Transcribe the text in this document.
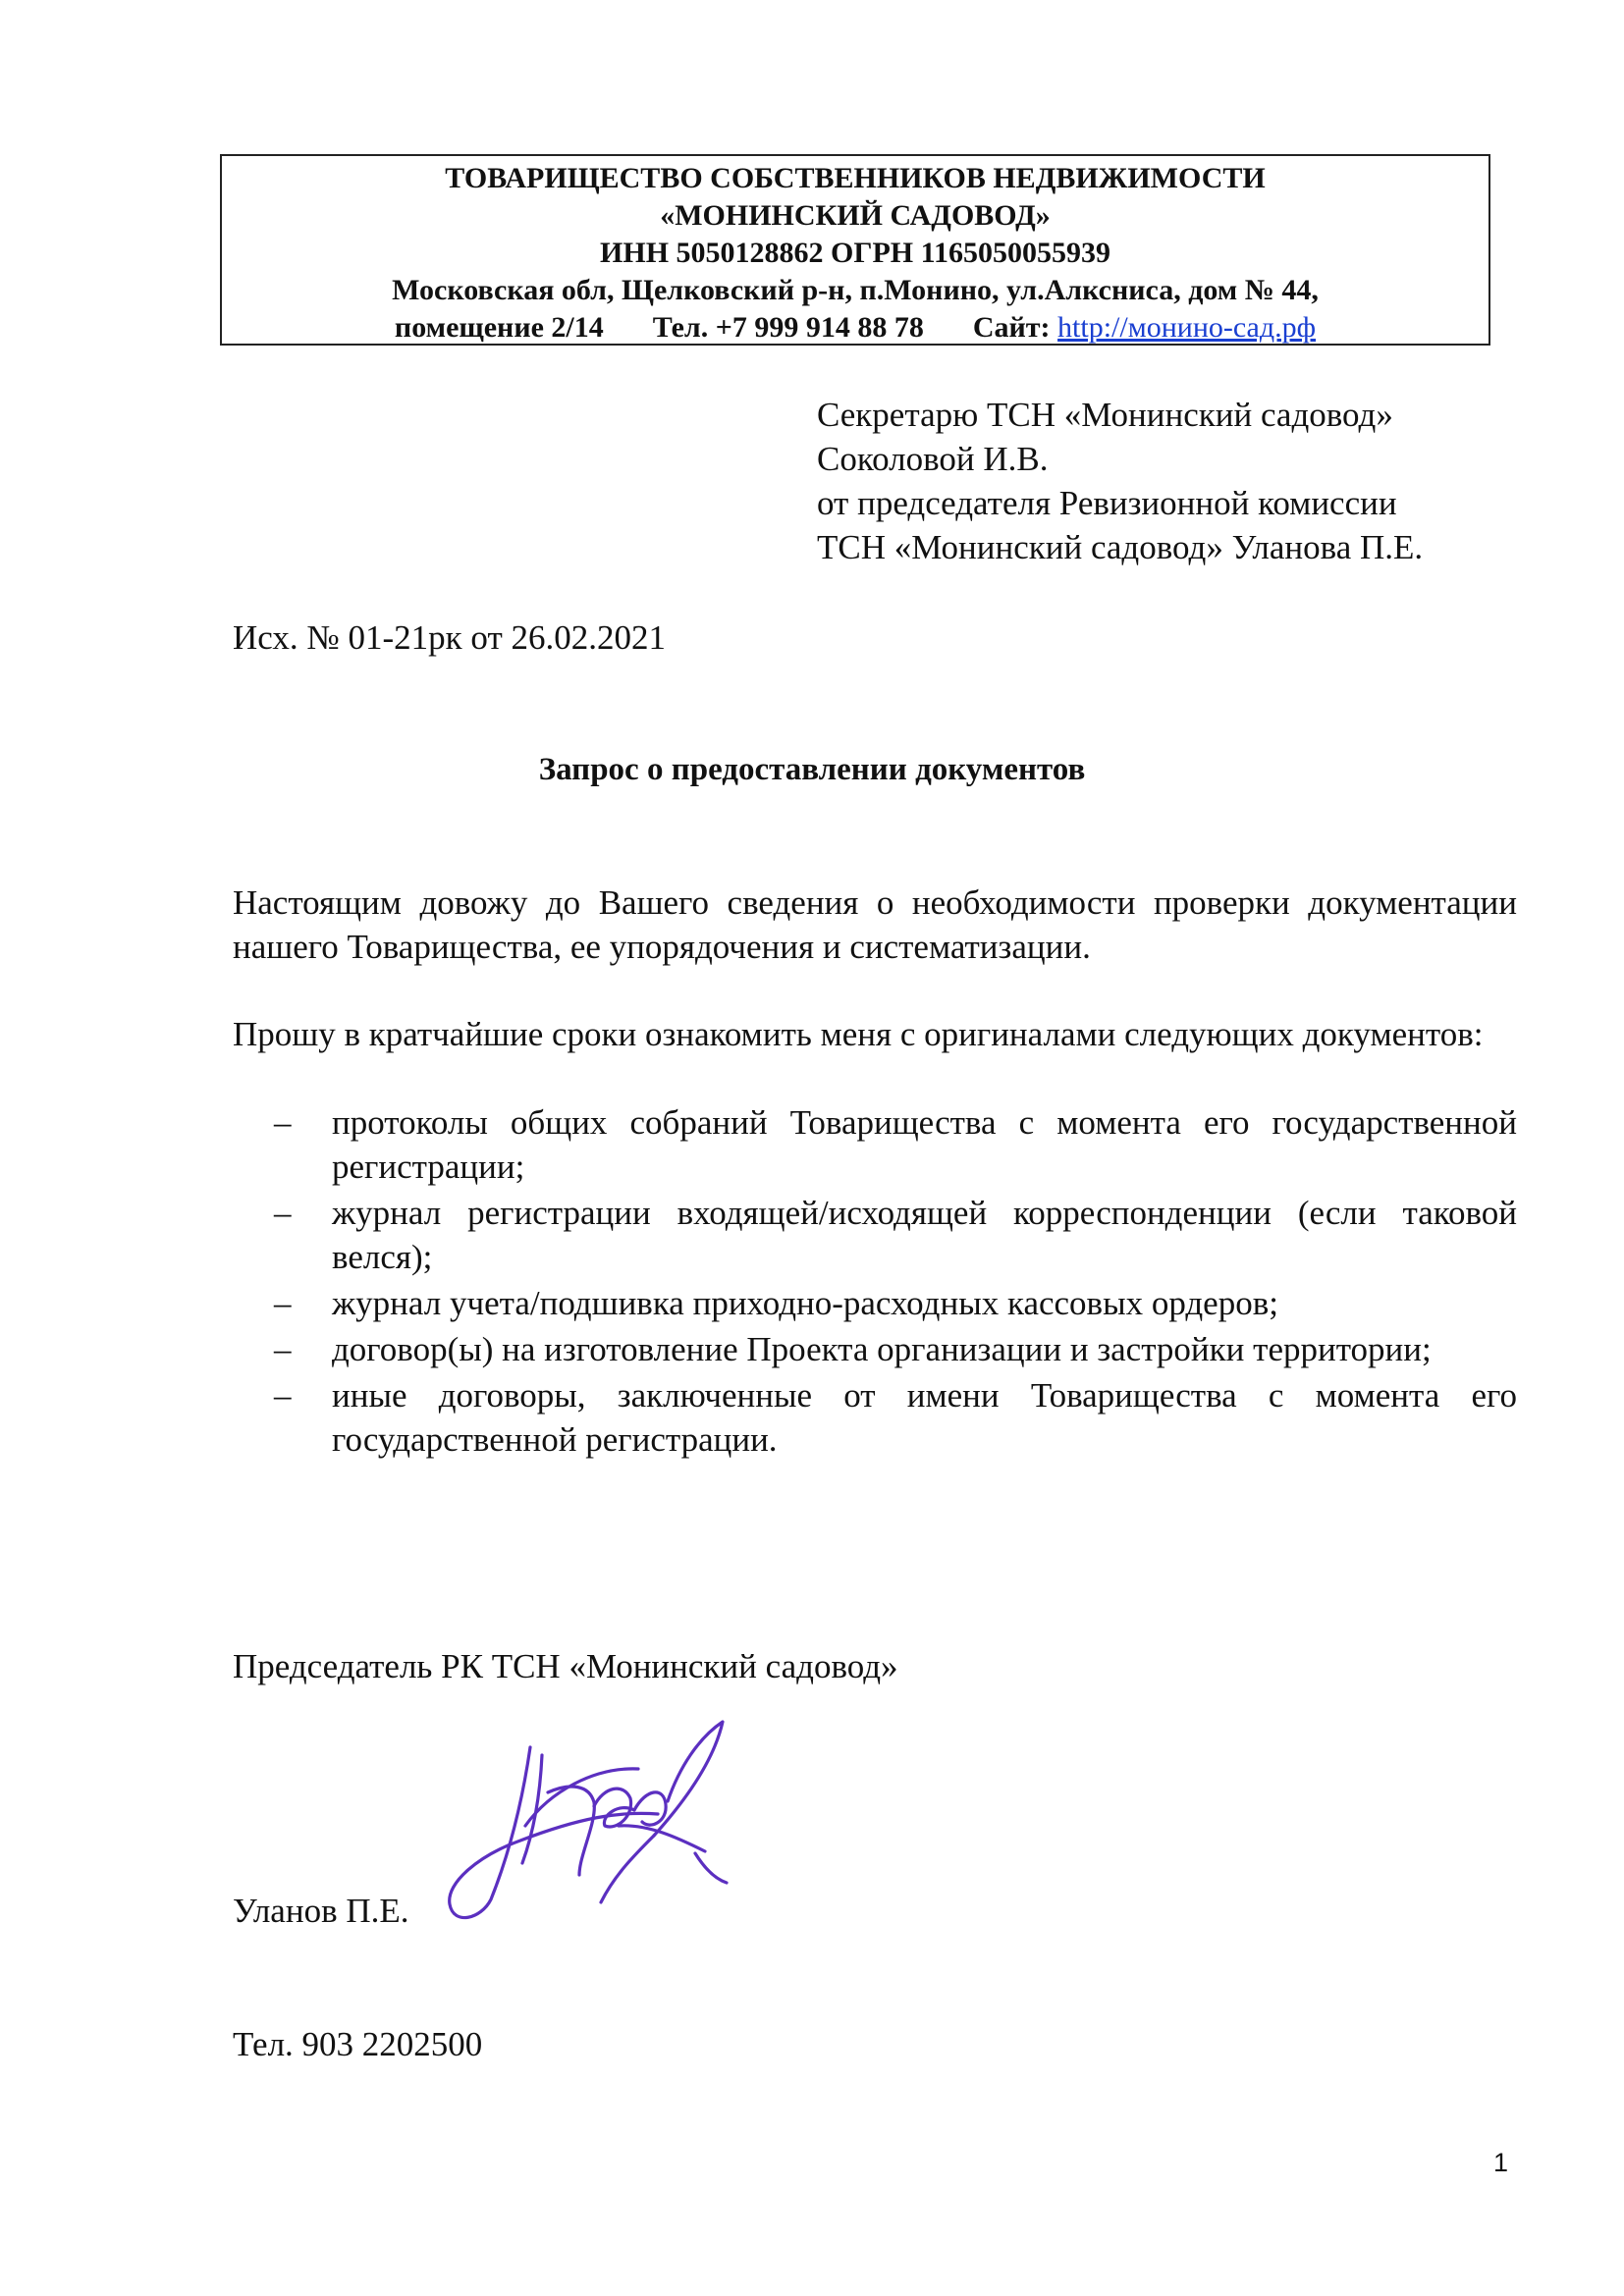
ТОВАРИЩЕСТВО СОБСТВЕННИКОВ НЕДВИЖИМОСТИ
«МОНИНСКИЙ САДОВОД»
ИНН 5050128862 ОГРН 1165050055939
Московская обл, Щелковский р-н, п.Монино, ул.Алксниса, дом № 44,
помещение 2/14 Тел. +7 999 914 88 78 Сайт: http://монино-сад.рф
Секретарю ТСН «Монинский садовод»
Соколовой И.В.
от председателя Ревизионной комиссии
ТСН «Монинский садовод» Уланова П.Е.
Исх. № 01-21рк от 26.02.2021
Запрос о предоставлении документов
Настоящим довожу до Вашего сведения о необходимости проверки документации нашего Товарищества, ее упорядочения и систематизации.
Прошу в кратчайшие сроки ознакомить меня с оригиналами следующих документов:
– протоколы общих собраний Товарищества с момента его государственной регистрации;
– журнал регистрации входящей/исходящей корреспонденции (если таковой велся);
– журнал учета/подшивка приходно-расходных кассовых ордеров;
– договор(ы) на изготовление Проекта организации и застройки территории;
– иные договоры, заключенные от имени Товарищества с момента его государственной регистрации.
Председатель РК ТСН «Монинский садовод»
Уланов П.Е.
Тел. 903 2202500
1
